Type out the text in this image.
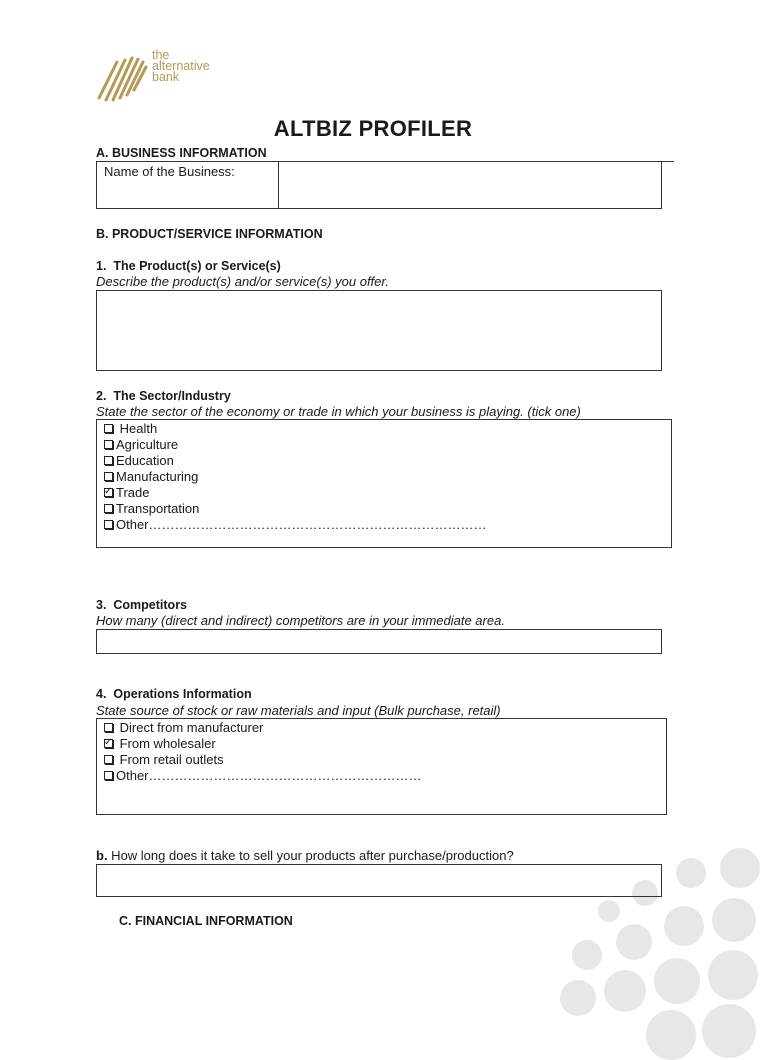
the
alternative
bank
ALTBIZ PROFILER
A. BUSINESS INFORMATION
Name of the Business:
B. PRODUCT/SERVICE INFORMATION
1. The Product(s) or Service(s)
Describe the product(s) and/or service(s) you offer.
2. The Sector/Industry
State the sector of the economy or trade in which your business is playing. (tick one)
Health
Agriculture
Education
Manufacturing
✓Trade
Transportation
Other……………………………………………………………………
3. Competitors
How many (direct and indirect) competitors are in your immediate area.
4. Operations Information
State source of stock or raw materials and input (Bulk purchase, retail)
Direct from manufacturer
✓ From wholesaler
From retail outlets
Other………………………………………………………
b. How long does it take to sell your products after purchase/production?
C. FINANCIAL INFORMATION
